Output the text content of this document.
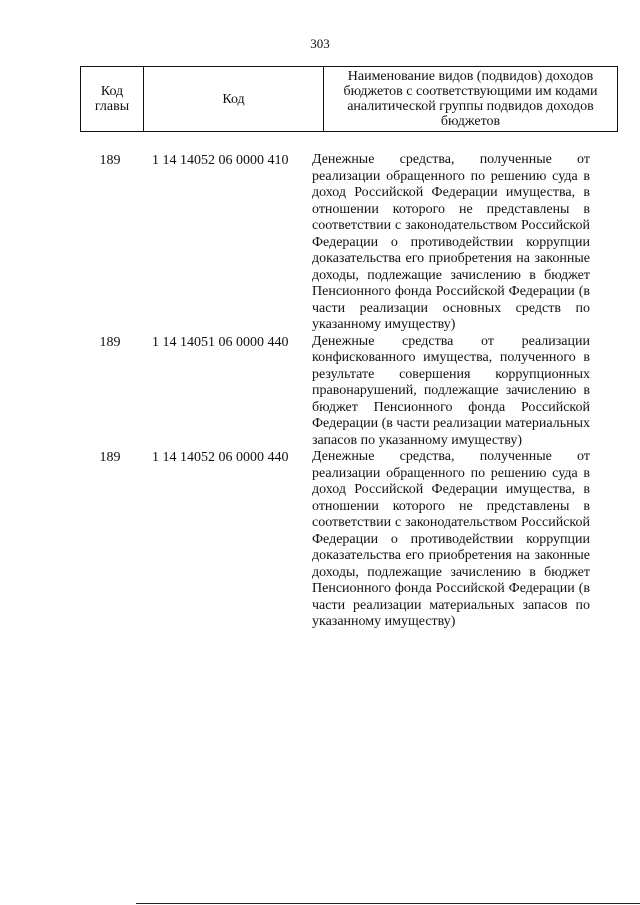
303
Код главы	Код	Наименование видов (подвидов) доходов бюджетов с соответствующими им кодами аналитической группы подвидов доходов бюджетов
189	1 14 14052 06 0000 410	Денежные средства, полученные от реализации обращенного по решению суда в доход Российской Федерации имущества, в отношении которого не представлены в соответствии с законодательством Российской Федерации о противодействии коррупции доказательства его приобретения на законные доходы, подлежащие зачислению в бюджет Пенсионного фонда Российской Федерации (в части реализации основных средств по указанному имуществу)
189	1 14 14051 06 0000 440	Денежные средства от реализации конфискованного имущества, полученного в результате совершения коррупционных правонарушений, подлежащие зачислению в бюджет Пенсионного фонда Российской Федерации (в части реализации материальных запасов по указанному имуществу)
189	1 14 14052 06 0000 440	Денежные средства, полученные от реализации обращенного по решению суда в доход Российской Федерации имущества, в отношении которого не представлены в соответствии с законодательством Российской Федерации о противодействии коррупции доказательства его приобретения на законные доходы, подлежащие зачислению в бюджет Пенсионного фонда Российской Федерации (в части реализации материальных запасов по указанному имуществу)
